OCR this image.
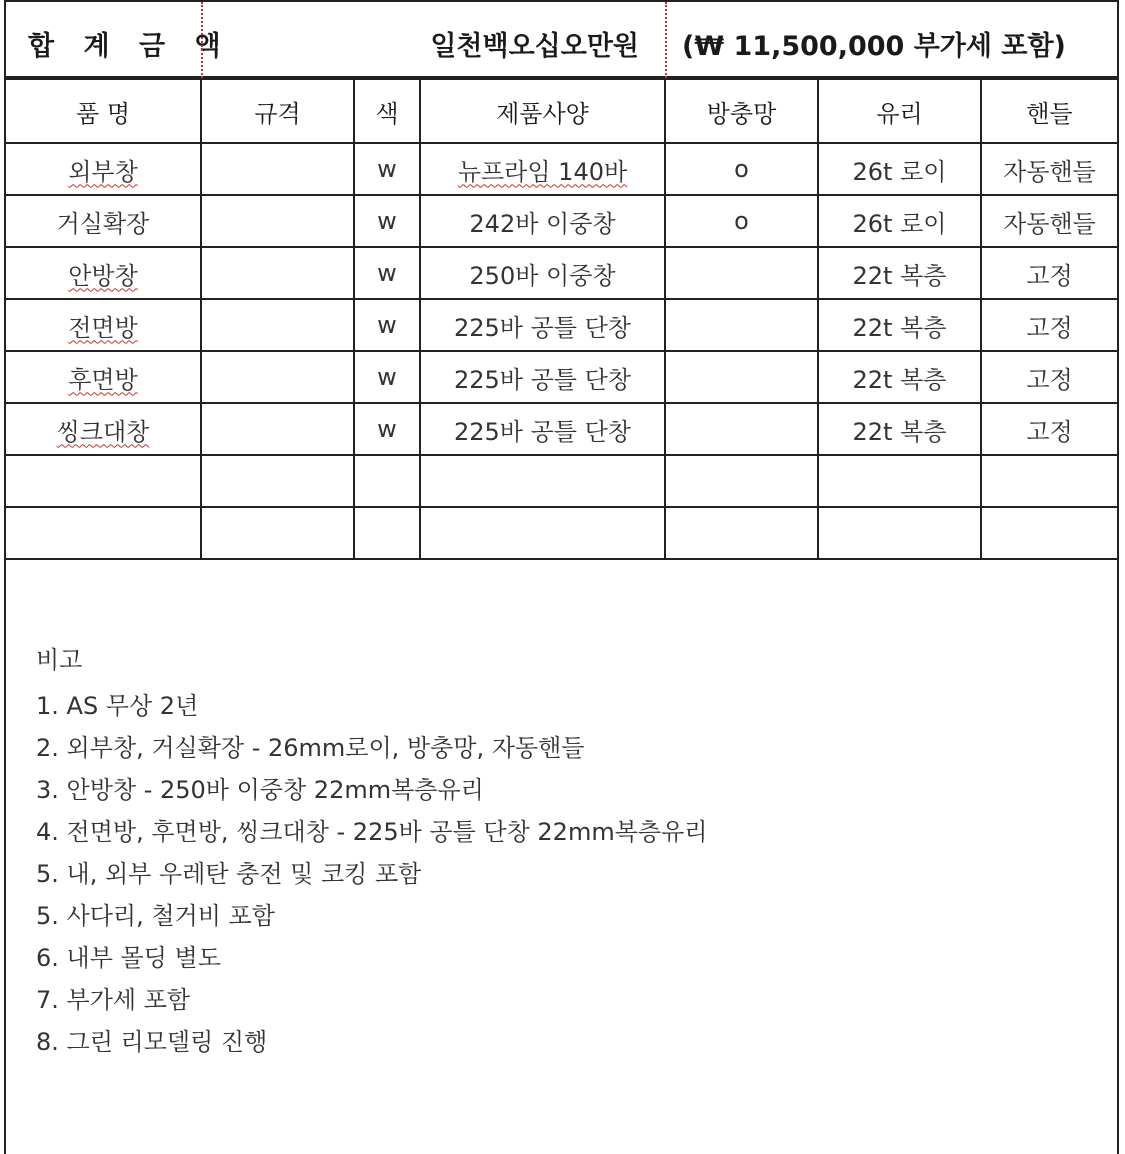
합 계 금 액	일천백오십오만원 (₩ 11,500,000 부가세 포함)
품 명	규격	색	제품사양	방충망	유리	핸들
외부창		w	뉴프라임 140바	o	26t 로이	자동핸들
거실확장		w	242바 이중창	o	26t 로이	자동핸들
안방창		w	250바 이중창		22t 복층	고정
전면방		w	225바 공틀 단창		22t 복층	고정
후면방		w	225바 공틀 단창		22t 복층	고정
씽크대창		w	225바 공틀 단창		22t 복층	고정

비고
1. AS 무상 2년
2. 외부창, 거실확장 - 26mm로이, 방충망, 자동핸들
3. 안방창 - 250바 이중창 22mm복층유리
4. 전면방, 후면방, 씽크대창 - 225바 공틀 단창 22mm복층유리
5. 내, 외부 우레탄 충전 및 코킹 포함
5. 사다리, 철거비 포함
6. 내부 몰딩 별도
7. 부가세 포함
8. 그린 리모델링 진행
